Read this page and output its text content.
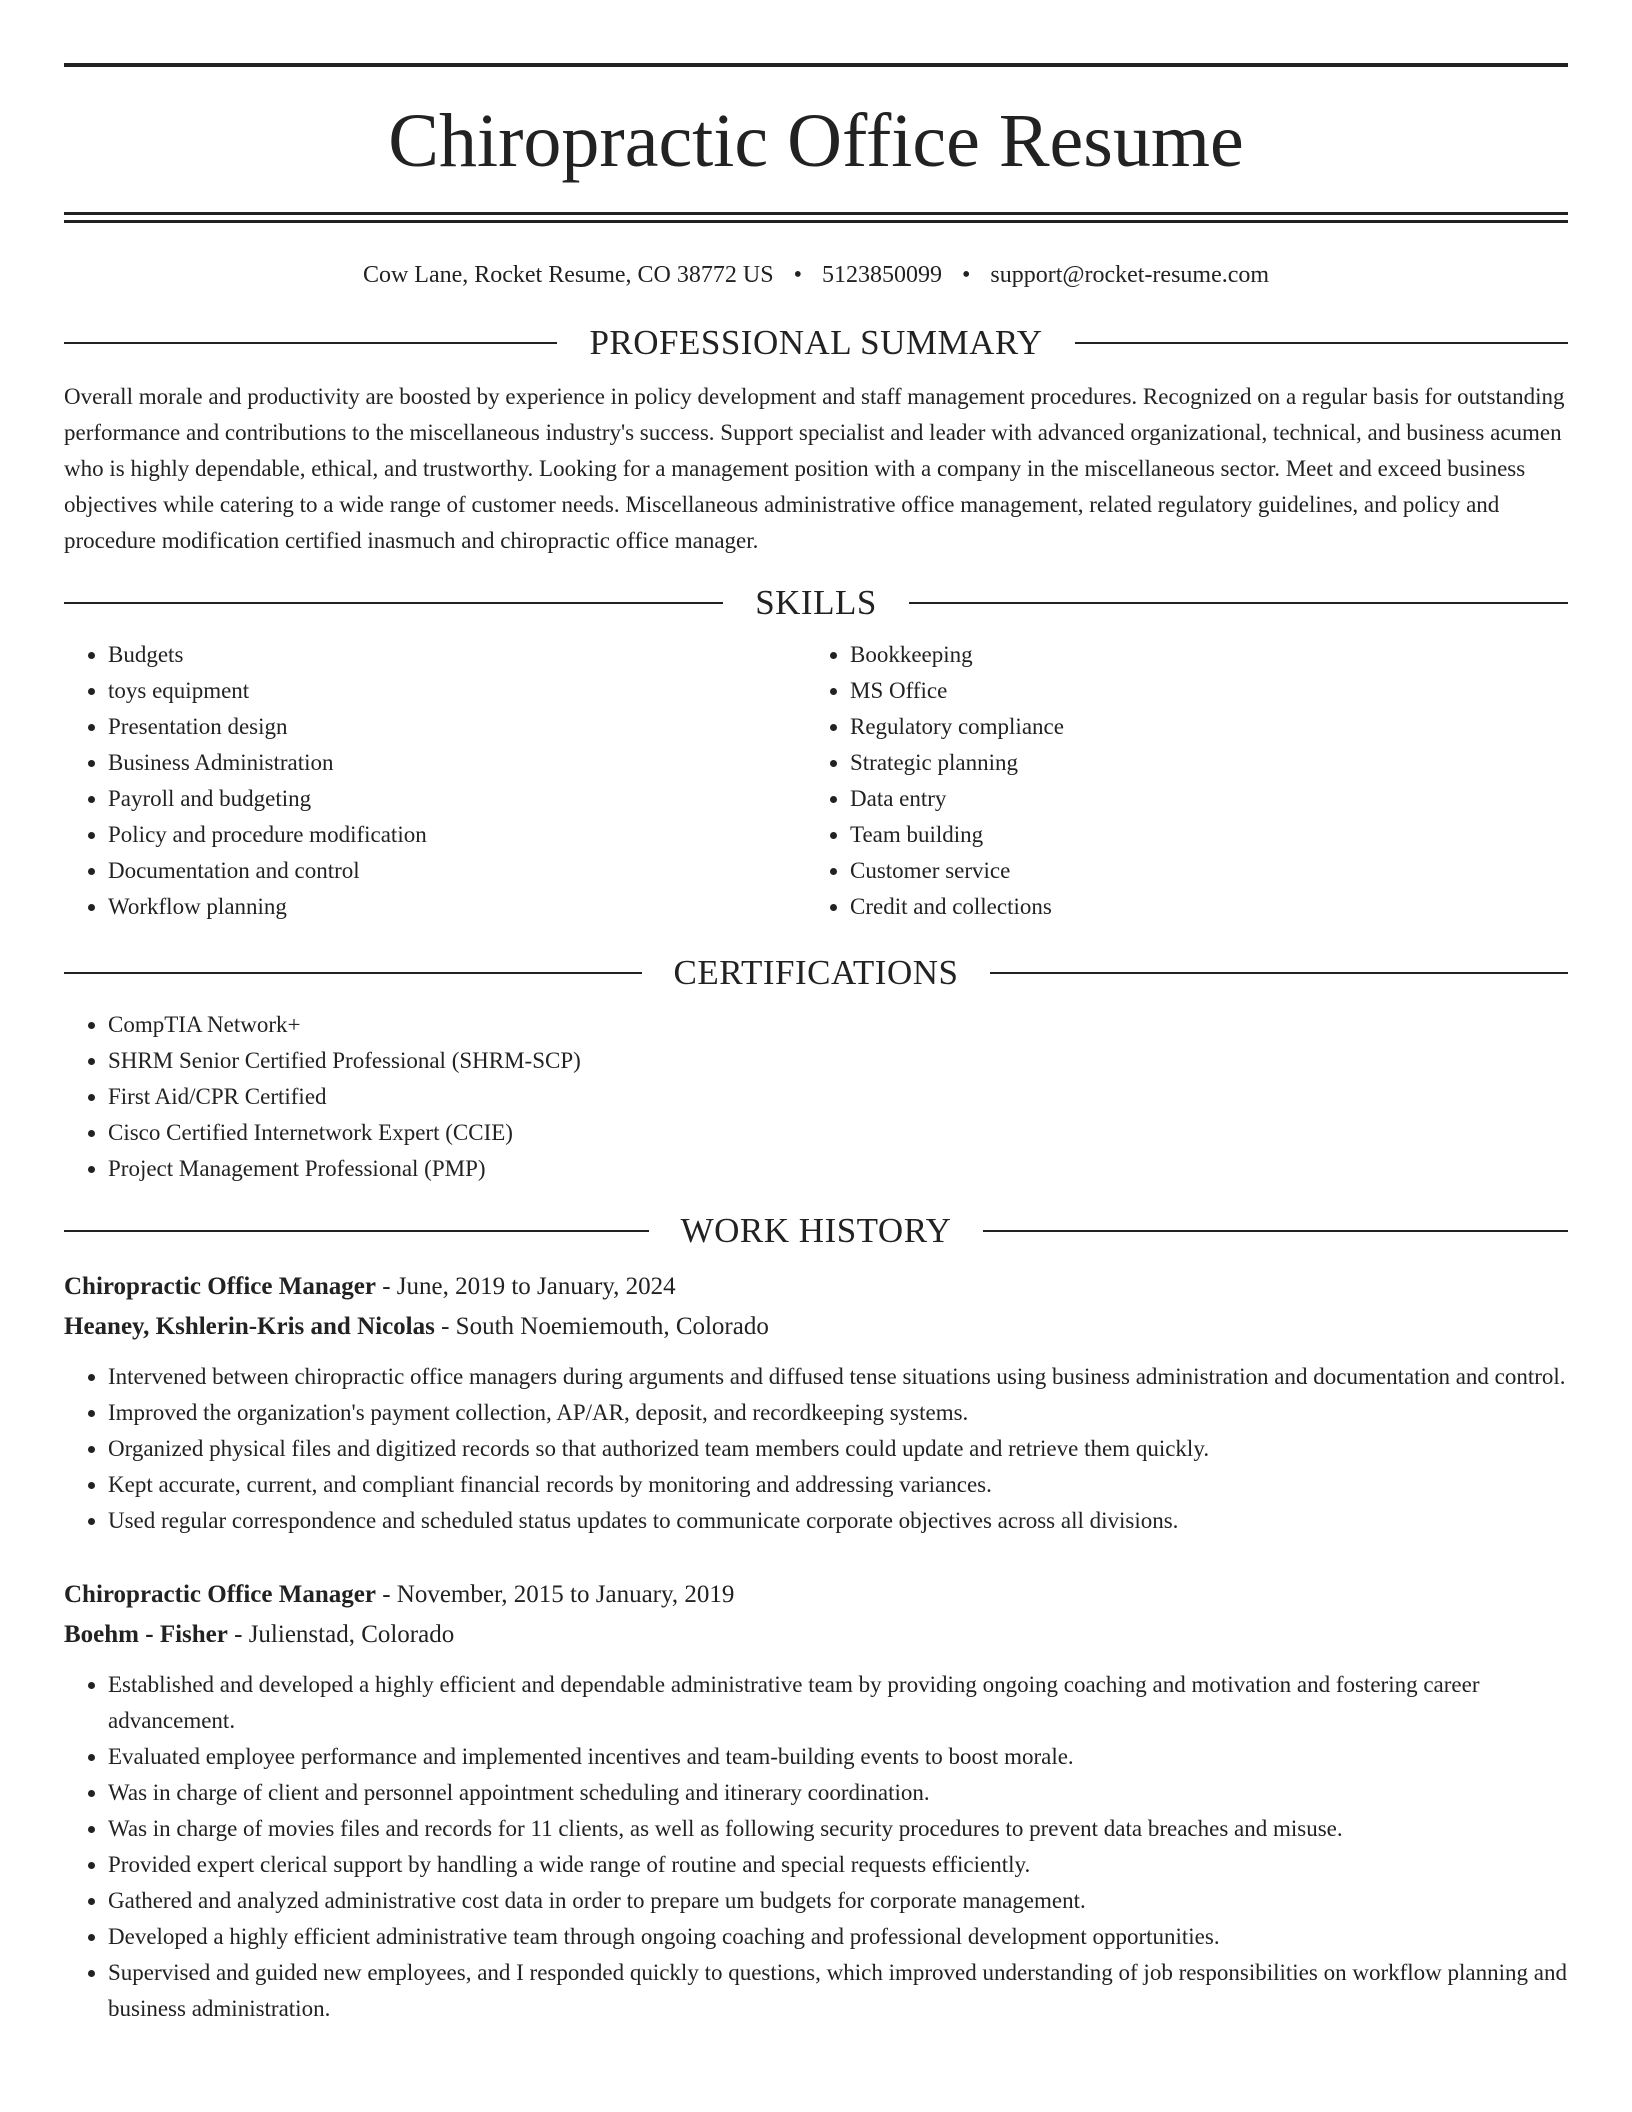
Chiropractic Office Resume
Cow Lane, Rocket Resume, CO 38772 US • 5123850099 • support@rocket-resume.com
PROFESSIONAL SUMMARY

Overall morale and productivity are boosted by experience in policy development and staff management procedures. Recognized on a regular basis for outstanding performance and contributions to the miscellaneous industry's success. Support specialist and leader with advanced organizational, technical, and business acumen who is highly dependable, ethical, and trustworthy. Looking for a management position with a company in the miscellaneous sector. Meet and exceed business objectives while catering to a wide range of customer needs. Miscellaneous administrative office management, related regulatory guidelines, and policy and procedure modification certified inasmuch and chiropractic office manager.

SKILLS
• Budgets
• toys equipment
• Presentation design
• Business Administration
• Payroll and budgeting
• Policy and procedure modification
• Documentation and control
• Workflow planning
• Bookkeeping
• MS Office
• Regulatory compliance
• Strategic planning
• Data entry
• Team building
• Customer service
• Credit and collections
CERTIFICATIONS
• CompTIA Network+
• SHRM Senior Certified Professional (SHRM-SCP)
• First Aid/CPR Certified
• Cisco Certified Internetwork Expert (CCIE)
• Project Management Professional (PMP)
WORK HISTORY
Chiropractic Office Manager - June, 2019 to January, 2024
Heaney, Kshlerin-Kris and Nicolas - South Noemiemouth, Colorado
• Intervened between chiropractic office managers during arguments and diffused tense situations using business administration and documentation and control.
• Improved the organization's payment collection, AP/AR, deposit, and recordkeeping systems.
• Organized physical files and digitized records so that authorized team members could update and retrieve them quickly.
• Kept accurate, current, and compliant financial records by monitoring and addressing variances.
• Used regular correspondence and scheduled status updates to communicate corporate objectives across all divisions.
Chiropractic Office Manager - November, 2015 to January, 2019
Boehm - Fisher - Julienstad, Colorado
• Established and developed a highly efficient and dependable administrative team by providing ongoing coaching and motivation and fostering career advancement.
• Evaluated employee performance and implemented incentives and team-building events to boost morale.
• Was in charge of client and personnel appointment scheduling and itinerary coordination.
• Was in charge of movies files and records for 11 clients, as well as following security procedures to prevent data breaches and misuse.
• Provided expert clerical support by handling a wide range of routine and special requests efficiently.
• Gathered and analyzed administrative cost data in order to prepare um budgets for corporate management.
• Developed a highly efficient administrative team through ongoing coaching and professional development opportunities.
• Supervised and guided new employees, and I responded quickly to questions, which improved understanding of job responsibilities on workflow planning and business administration.
